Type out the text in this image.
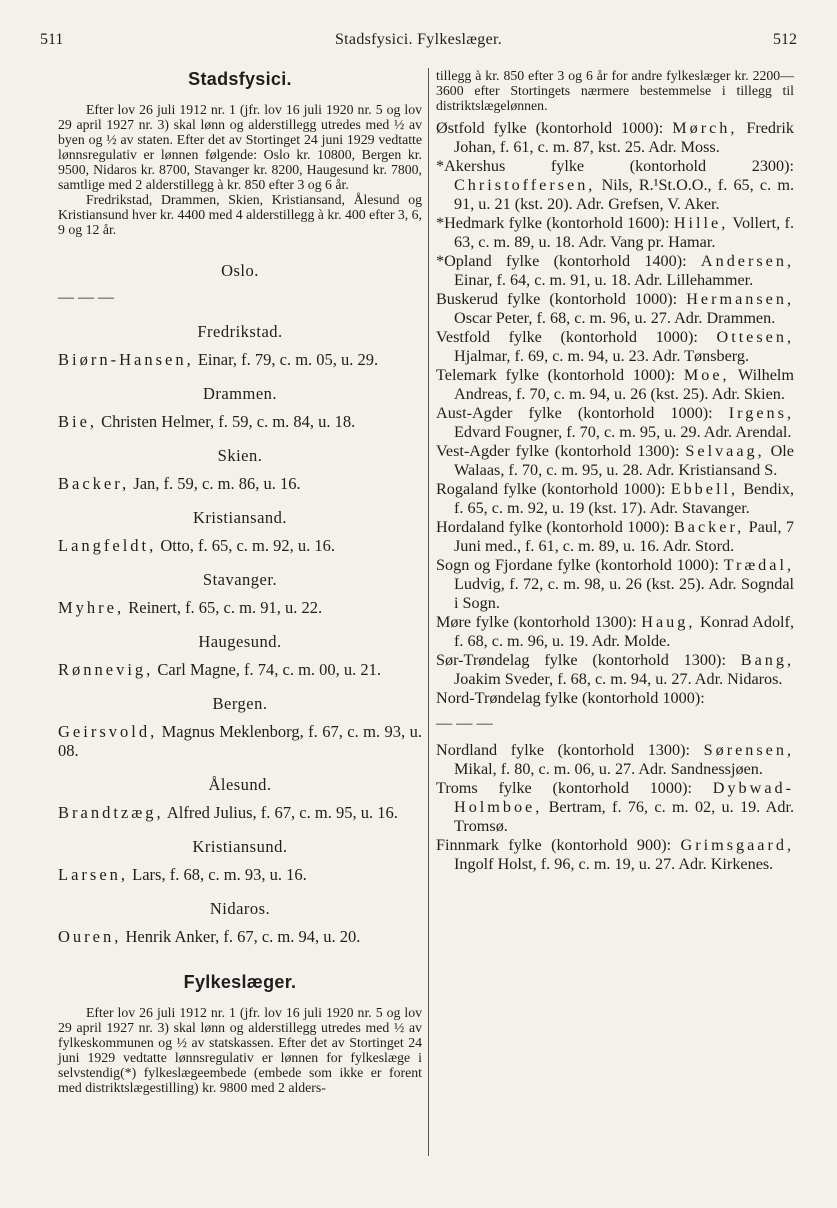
511	Stadsfysici. Fylkeslæger.	512
Stadsfysici.

Efter lov 26 juli 1912 nr. 1 (jfr. lov 16 juli 1920 nr. 5 og lov 29 april 1927 nr. 3) skal lønn og alderstillegg utredes med ½ av byen og ½ av staten. Efter det av Stortinget 24 juni 1929 vedtatte lønnsregulativ er lønnen følgende: Oslo kr. 10800, Bergen kr. 9500, Nidaros kr. 8700, Stavanger kr. 8200, Haugesund kr. 7800, samtlige med 2 alderstillegg à kr. 850 efter 3 og 6 år.

Fredrikstad, Drammen, Skien, Kristiansand, Ålesund og Kristiansund hver kr. 4400 med 4 alderstillegg à kr. 400 efter 3, 6, 9 og 12 år.

Oslo.

— — —

Fredrikstad.

Biørn-Hansen, Einar, f. 79, c. m. 05, u. 29.

Drammen.

Bie, Christen Helmer, f. 59, c. m. 84, u. 18.

Skien.

Backer, Jan, f. 59, c. m. 86, u. 16.

Kristiansand.

Langfeldt, Otto, f. 65, c. m. 92, u. 16.

Stavanger.

Myhre, Reinert, f. 65, c. m. 91, u. 22.

Haugesund.

Rønnevig, Carl Magne, f. 74, c. m. 00, u. 21.

Bergen.

Geirsvold, Magnus Meklenborg, f. 67, c. m. 93, u. 08.

Ålesund.

Brandtzæg, Alfred Julius, f. 67, c. m. 95, u. 16.

Kristiansund.

Larsen, Lars, f. 68, c. m. 93, u. 16.

Nidaros.

Ouren, Henrik Anker, f. 67, c. m. 94, u. 20.

Fylkeslæger.

Efter lov 26 juli 1912 nr. 1 (jfr. lov 16 juli 1920 nr. 5 og lov 29 april 1927 nr. 3) skal lønn og alderstillegg utredes med ½ av fylkeskommunen og ½ av statskassen. Efter det av Stortinget 24 juni 1929 vedtatte lønnsregulativ er lønnen for fylkeslæge i selvstendig(*) fylkeslægeembede (embede som ikke er forent med distriktslægestilling) kr. 9800 med 2 alders-

tillegg à kr. 850 efter 3 og 6 år for andre fylkeslæger kr. 2200—3600 efter Stortingets nærmere bestemmelse i tillegg til distriktslægelønnen.

Østfold fylke (kontorhold 1000): Mørch, Fredrik Johan, f. 61, c. m. 87, kst. 25. Adr. Moss.

*Akershus fylke (kontorhold 2300): Christoffersen, Nils, R.¹St.O.O., f. 65, c. m. 91, u. 21 (kst. 20). Adr. Grefsen, V. Aker.

*Hedmark fylke (kontorhold 1600): Hille, Vollert, f. 63, c. m. 89, u. 18. Adr. Vang pr. Hamar.

*Opland fylke (kontorhold 1400): Andersen, Einar, f. 64, c. m. 91, u. 18. Adr. Lillehammer.

Buskerud fylke (kontorhold 1000): Hermansen, Oscar Peter, f. 68, c. m. 96, u. 27. Adr. Drammen.

Vestfold fylke (kontorhold 1000): Ottesen, Hjalmar, f. 69, c. m. 94, u. 23. Adr. Tønsberg.

Telemark fylke (kontorhold 1000): Moe, Wilhelm Andreas, f. 70, c. m. 94, u. 26 (kst. 25). Adr. Skien.

Aust-Agder fylke (kontorhold 1000): Irgens, Edvard Fougner, f. 70, c. m. 95, u. 29. Adr. Arendal.

Vest-Agder fylke (kontorhold 1300): Selvaag, Ole Walaas, f. 70, c. m. 95, u. 28. Adr. Kristiansand S.

Rogaland fylke (kontorhold 1000): Ebbell, Bendix, f. 65, c. m. 92, u. 19 (kst. 17). Adr. Stavanger.

Hordaland fylke (kontorhold 1000): Backer, Paul, 7 Juni med., f. 61, c. m. 89, u. 16. Adr. Stord.

Sogn og Fjordane fylke (kontorhold 1000): Trædal, Ludvig, f. 72, c. m. 98, u. 26 (kst. 25). Adr. Sogndal i Sogn.

Møre fylke (kontorhold 1300): Haug, Konrad Adolf, f. 68, c. m. 96, u. 19. Adr. Molde.

Sør-Trøndelag fylke (kontorhold 1300): Bang, Joakim Sveder, f. 68, c. m. 94, u. 27. Adr. Nidaros.

Nord-Trøndelag fylke (kontorhold 1000):
— — —

Nordland fylke (kontorhold 1300): Sørensen, Mikal, f. 80, c. m. 06, u. 27. Adr. Sandnessjøen.

Troms fylke (kontorhold 1000): Dybwad-Holmboe, Bertram, f. 76, c. m. 02, u. 19. Adr. Tromsø.

Finnmark fylke (kontorhold 900): Grimsgaard, Ingolf Holst, f. 96, c. m. 19, u. 27. Adr. Kirkenes.
